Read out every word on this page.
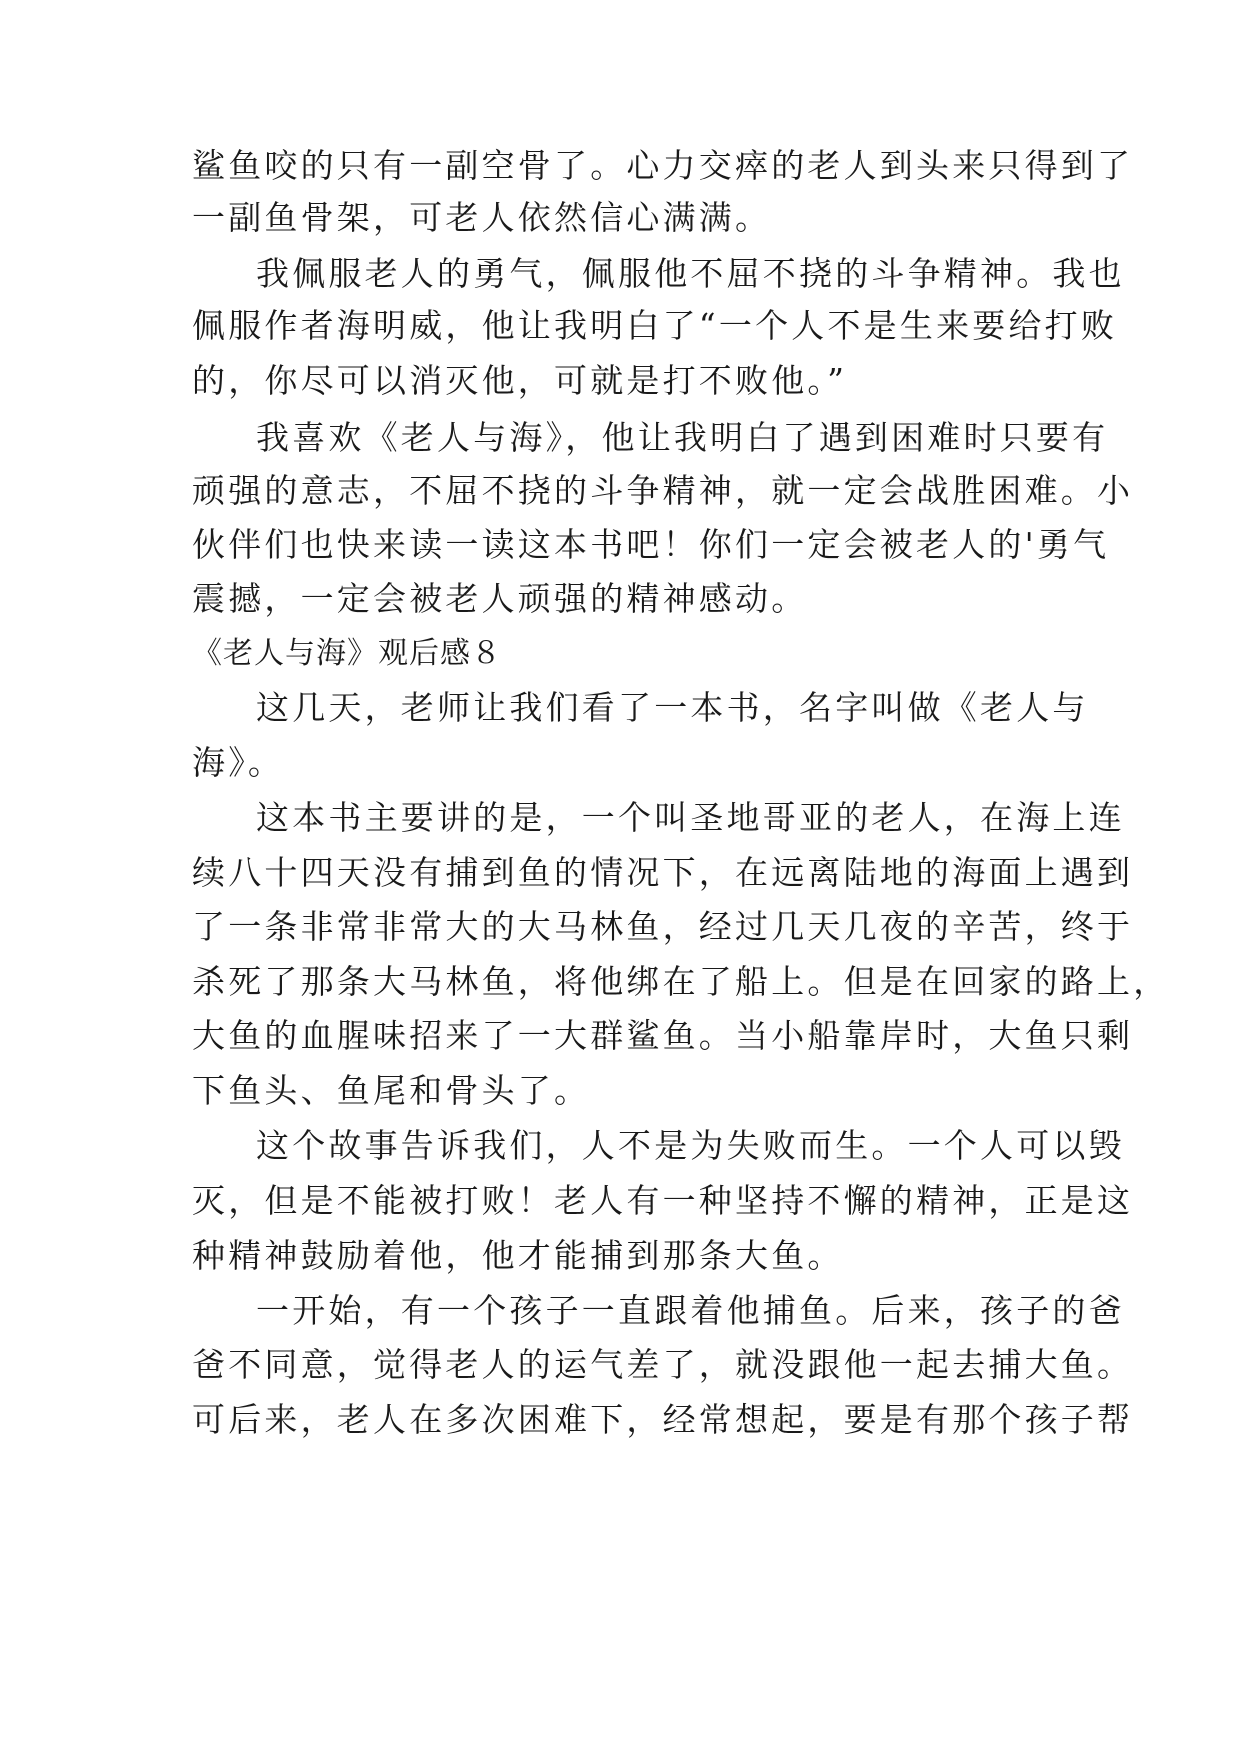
鲨鱼咬的只有一副空骨了。心力交瘁的老人到头来只得到了
一副鱼骨架，可老人依然信心满满。
我佩服老人的勇气，佩服他不屈不挠的斗争精神。我也
佩服作者海明威，他让我明白了“一个人不是生来要给打败
的，你尽可以消灭他，可就是打不败他。”
我喜欢《老人与海》，他让我明白了遇到困难时只要有
顽强的意志，不屈不挠的斗争精神，就一定会战胜困难。小
伙伴们也快来读一读这本书吧！你们一定会被老人的'勇气
震撼，一定会被老人顽强的精神感动。
《老人与海》观后感８
这几天，老师让我们看了一本书，名字叫做《老人与
海》。
这本书主要讲的是，一个叫圣地哥亚的老人，在海上连
续八十四天没有捕到鱼的情况下，在远离陆地的海面上遇到
了一条非常非常大的大马林鱼，经过几天几夜的辛苦，终于
杀死了那条大马林鱼，将他绑在了船上。但是在回家的路上，
大鱼的血腥味招来了一大群鲨鱼。当小船靠岸时，大鱼只剩
下鱼头、鱼尾和骨头了。
这个故事告诉我们，人不是为失败而生。一个人可以毁
灭，但是不能被打败！老人有一种坚持不懈的精神，正是这
种精神鼓励着他，他才能捕到那条大鱼。
一开始，有一个孩子一直跟着他捕鱼。后来，孩子的爸
爸不同意，觉得老人的运气差了，就没跟他一起去捕大鱼。
可后来，老人在多次困难下，经常想起，要是有那个孩子帮
